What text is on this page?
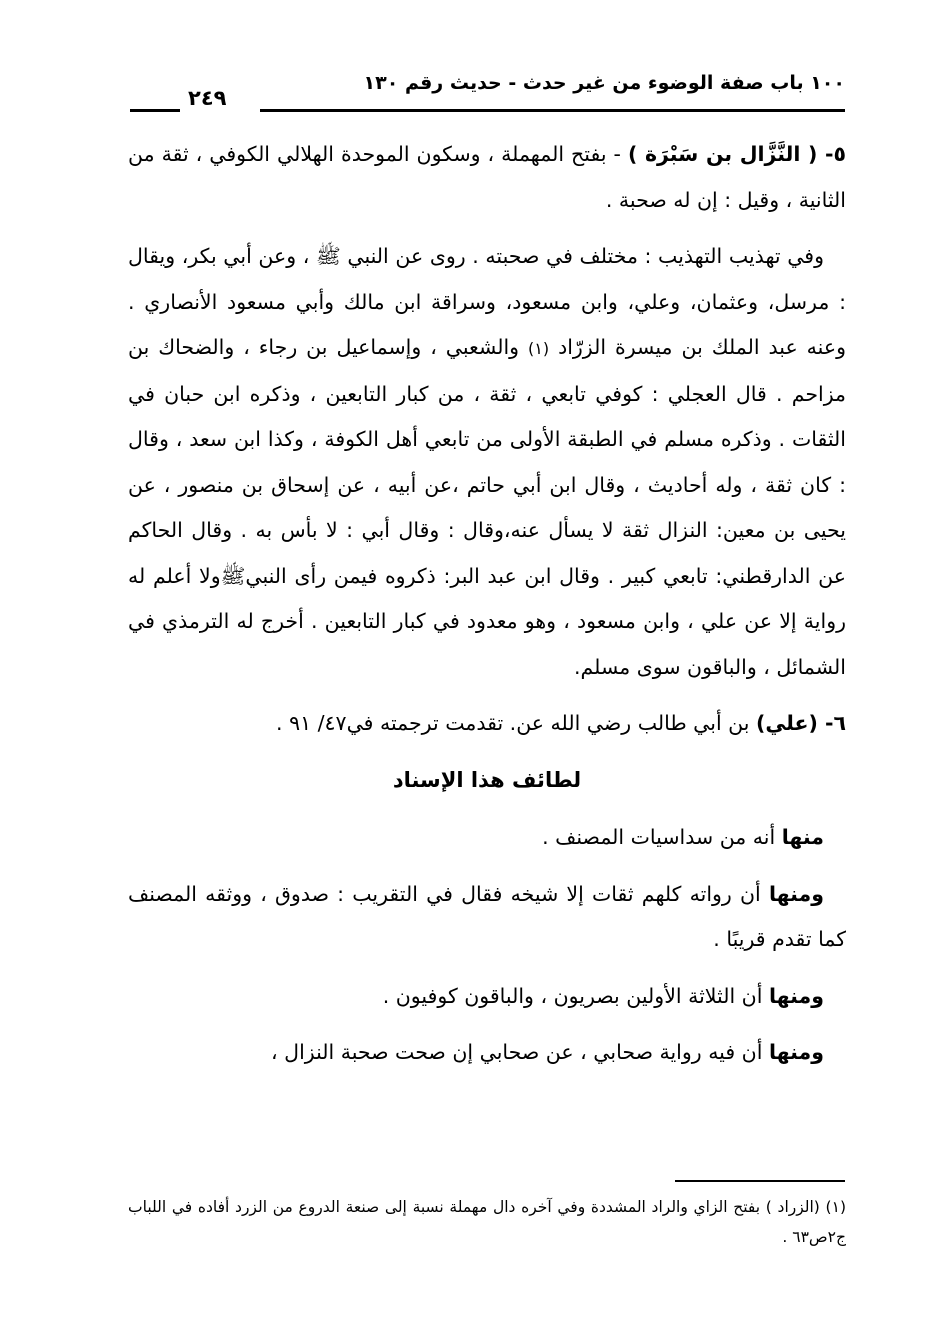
١٠٠ باب صفة الوضوء من غير حدث - حديث رقم ١٣٠
٢٤٩

٥- ( النَّزَّال بن سَبْرَة ) - بفتح المهملة ، وسكون الموحدة الهلالي الكوفي ، ثقة من الثانية ، وقيل : إن له صحبة .

وفي تهذيب التهذيب : مختلف في صحبته . روى عن النبي ﷺ ، وعن أبي بكر، ويقال : مرسل، وعثمان، وعلي، وابن مسعود، وسراقة ابن مالك وأبي مسعود الأنصاري . وعنه عبد الملك بن ميسرة الزرّاد (١) والشعبي ، وإسماعيل بن رجاء ، والضحاك بن مزاحم . قال العجلي : كوفي تابعي ، ثقة ، من كبار التابعين ، وذكره ابن حبان في الثقات . وذكره مسلم في الطبقة الأولى من تابعي أهل الكوفة ، وكذا ابن سعد ، وقال : كان ثقة ، وله أحاديث ، وقال ابن أبي حاتم ،عن أبيه ، عن إسحاق بن منصور ، عن يحيى بن معين: النزال ثقة لا يسأل عنه،وقال : وقال أبي : لا بأس به . وقال الحاكم عن الدارقطني: تابعي كبير . وقال ابن عبد البر: ذكروه فيمن رأى النبيﷺولا أعلم له رواية إلا عن علي ، وابن مسعود ، وهو معدود في كبار التابعين . أخرج له الترمذي في الشمائل ، والباقون سوى مسلم.

٦- (علي) بن أبي طالب رضي الله عن. تقدمت ترجمته في٤٧/ ٩١ .

لطائف هذا الإسناد

منها أنه من سداسيات المصنف .

ومنها أن رواته كلهم ثقات إلا شيخه فقال في التقريب : صدوق ، ووثقه المصنف كما تقدم قريبًا .

ومنها أن الثلاثة الأولين بصريون ، والباقون كوفيون .

ومنها أن فيه رواية صحابي ، عن صحابي إن صحت صحبة النزال ،

(١) (الزراد ) بفتح الزاي والراد المشددة وفي آخره دال مهملة نسبة إلى صنعة الدروع من الزرد أفاده في اللباب ج٢ص٦٣ .
